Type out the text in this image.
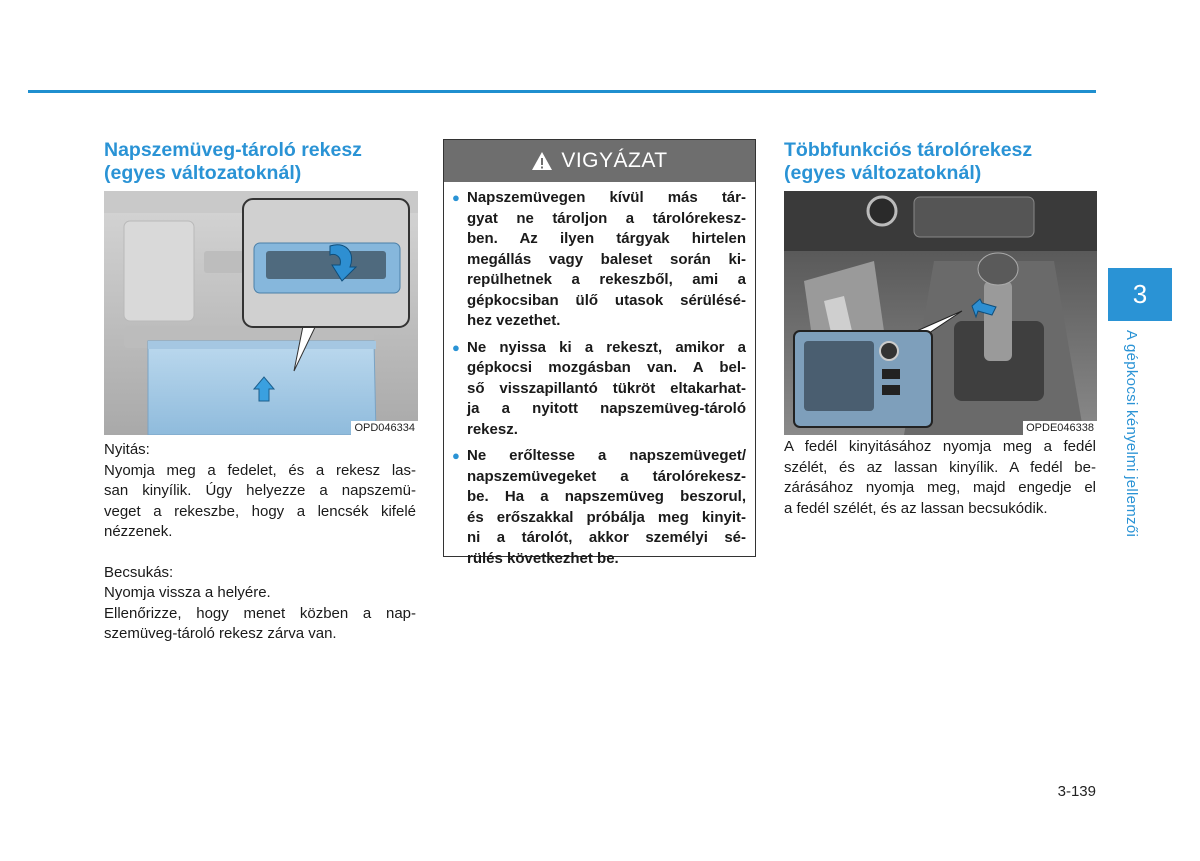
Napszemüveg-tároló rekesz
(egyes változatoknál)
OPD046334

Nyitás:

Nyomja meg a fedelet, és a rekesz las-

san kinyílik. Úgy helyezze a napszemü-

veget a rekeszbe, hogy a lencsék kifelé

nézzenek.

Becsukás:

Nyomja vissza a helyére.

Ellenőrizze, hogy menet közben a nap-

szemüveg-tároló rekesz zárva van.

VIGYÁZAT
● Napszemüvegen kívül más tár-
gyat ne tároljon a tárolórekesz-
ben. Az ilyen tárgyak hirtelen
megállás vagy baleset során ki-
repülhetnek a rekeszből, ami a
gépkocsiban ülő utasok sérülésé-
hez vezethet.
● Ne nyissa ki a rekeszt, amikor a
gépkocsi mozgásban van. A bel-
ső visszapillantó tükröt eltakarhat-
ja a nyitott napszemüveg-tároló
rekesz.
● Ne erőltesse a napszemüveget/
napszemüvegeket a tárolórekesz-
be. Ha a napszemüveg beszorul,
és erőszakkal próbálja meg kinyit-
ni a tárolót, akkor személyi sé-
rülés következhet be.
Többfunkciós tárolórekesz
(egyes változatoknál)
OPDE046338

A fedél kinyitásához nyomja meg a fedél

szélét, és az lassan kinyílik. A fedél be-

zárásához nyomja meg, majd engedje el

a fedél szélét, és az lassan becsukódik.

3
A gépkocsi kényelmi jellemzői
3-139
